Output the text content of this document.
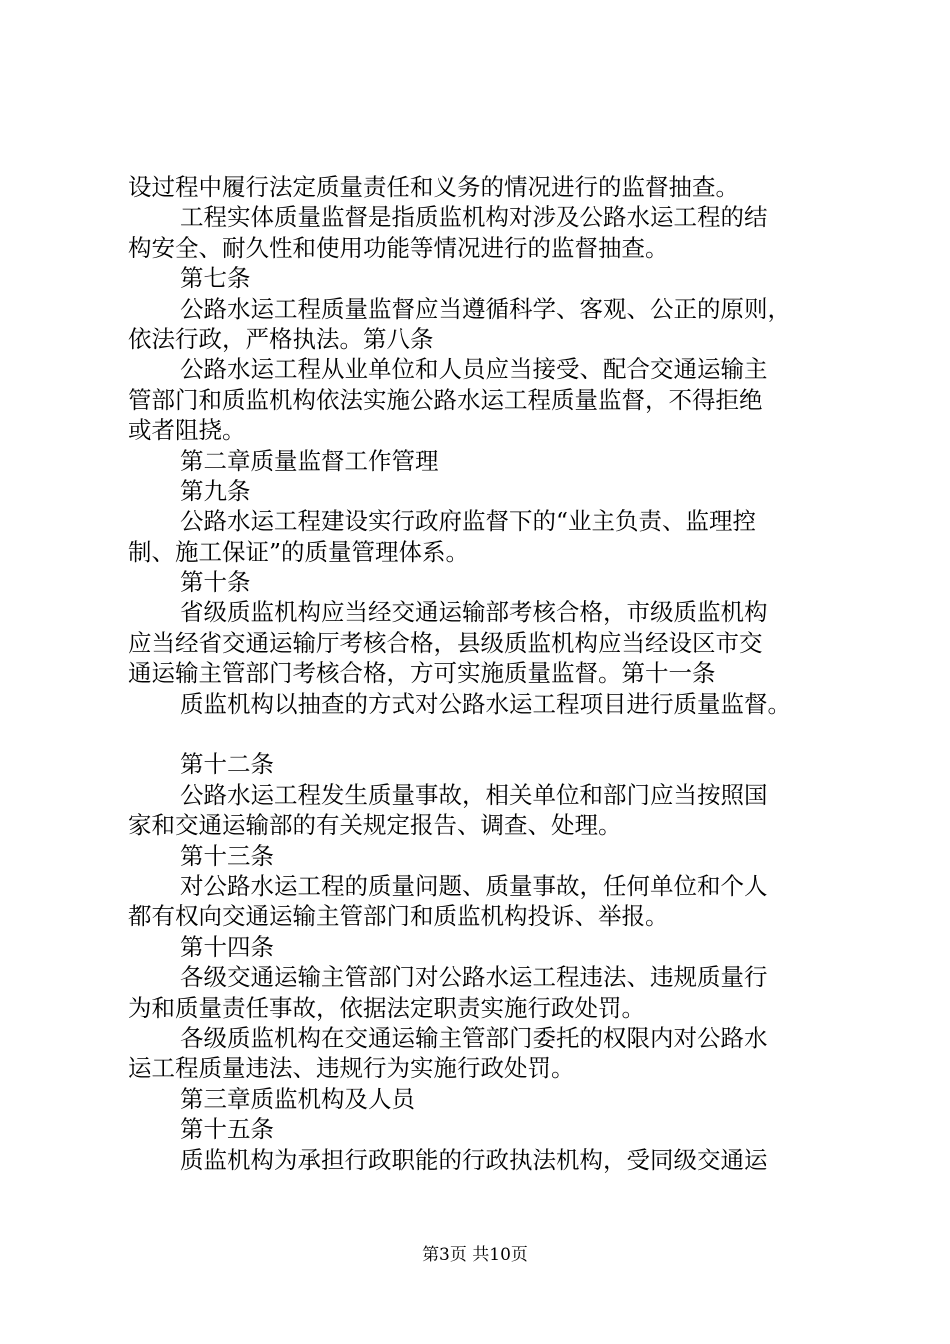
设过程中履行法定质量责任和义务的情况进行的监督抽查。
工程实体质量监督是指质监机构对涉及公路水运工程的结
构安全、耐久性和使用功能等情况进行的监督抽查。
第七条
公路水运工程质量监督应当遵循科学、客观、公正的原则，
依法行政，严格执法。第八条
公路水运工程从业单位和人员应当接受、配合交通运输主
管部门和质监机构依法实施公路水运工程质量监督，不得拒绝
或者阻挠。
第二章质量监督工作管理
第九条
公路水运工程建设实行政府监督下的“业主负责、监理控
制、施工保证”的质量管理体系。
第十条
省级质监机构应当经交通运输部考核合格，市级质监机构
应当经省交通运输厅考核合格，县级质监机构应当经设区市交
通运输主管部门考核合格，方可实施质量监督。第十一条
质监机构以抽查的方式对公路水运工程项目进行质量监督。
第十二条
公路水运工程发生质量事故，相关单位和部门应当按照国
家和交通运输部的有关规定报告、调查、处理。
第十三条
对公路水运工程的质量问题、质量事故，任何单位和个人
都有权向交通运输主管部门和质监机构投诉、举报。
第十四条
各级交通运输主管部门对公路水运工程违法、违规质量行
为和质量责任事故，依据法定职责实施行政处罚。
各级质监机构在交通运输主管部门委托的权限内对公路水
运工程质量违法、违规行为实施行政处罚。
第三章质监机构及人员
第十五条
质监机构为承担行政职能的行政执法机构，受同级交通运
第3页 共10页
